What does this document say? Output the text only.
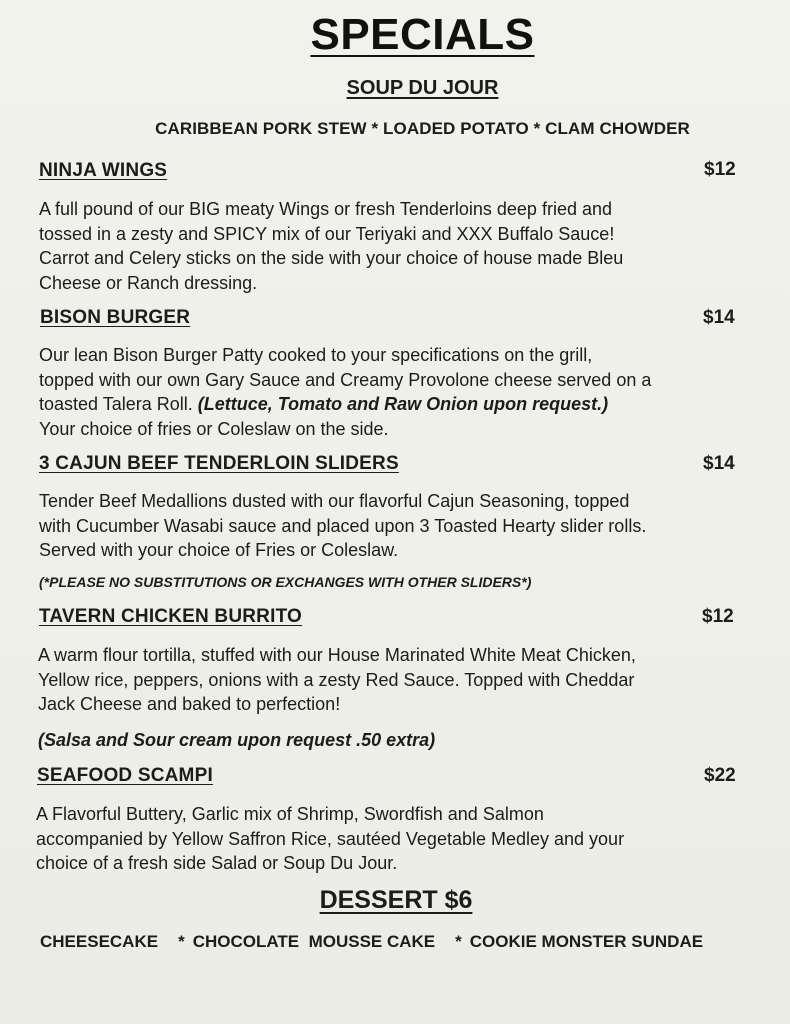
SPECIALS
SOUP DU JOUR
CARIBBEAN PORK STEW * LOADED POTATO * CLAM CHOWDER
NINJA WINGS	$12
A full pound of our BIG meaty Wings or fresh Tenderloins deep fried and
tossed in a zesty and SPICY mix of our Teriyaki and XXX Buffalo Sauce!
Carrot and Celery sticks on the side with your choice of house made Bleu
Cheese or Ranch dressing.
BISON BURGER	$14
Our lean Bison Burger Patty cooked to your specifications on the grill,
topped with our own Gary Sauce and Creamy Provolone cheese served on a
toasted Talera Roll. (Lettuce, Tomato and Raw Onion upon request.)
Your choice of fries or Coleslaw on the side.
3 CAJUN BEEF TENDERLOIN SLIDERS	$14
Tender Beef Medallions dusted with our flavorful Cajun Seasoning, topped
with Cucumber Wasabi sauce and placed upon 3 Toasted Hearty slider rolls.
Served with your choice of Fries or Coleslaw.
(*PLEASE NO SUBSTITUTIONS OR EXCHANGES WITH OTHER SLIDERS*)
TAVERN CHICKEN BURRITO	$12
A warm flour tortilla, stuffed with our House Marinated White Meat Chicken,
Yellow rice, peppers, onions with a zesty Red Sauce. Topped with Cheddar
Jack Cheese and baked to perfection!
(Salsa and Sour cream upon request .50 extra)
SEAFOOD SCAMPI	$22
A Flavorful Buttery, Garlic mix of Shrimp, Swordfish and Salmon
accompanied by Yellow Saffron Rice, sautéed Vegetable Medley and your
choice of a fresh side Salad or Soup Du Jour.
DESSERT $6
CHEESECAKE * CHOCOLATE  MOUSSE CAKE * COOKIE MONSTER SUNDAE
